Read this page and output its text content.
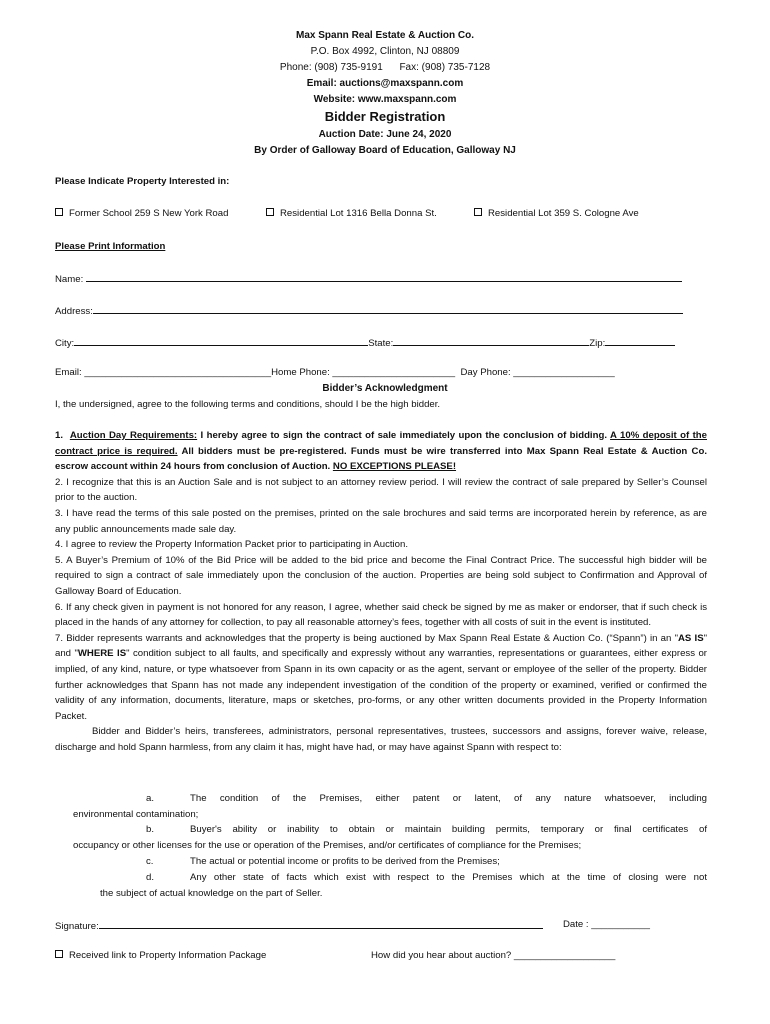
Max Spann Real Estate & Auction Co.
P.O. Box 4992, Clinton, NJ 08809
Phone: (908) 735-9191 Fax: (908) 735-7128
Email: auctions@maxspann.com
Website: www.maxspann.com
Bidder Registration
Auction Date: June 24, 2020
By Order of Galloway Board of Education, Galloway NJ
Please Indicate Property Interested in:
Former School 259 S New York Road	Residential Lot 1316 Bella Donna St.	Residential Lot 359 S. Cologne Ave
Please Print Information
Name:
Address:
City:	State:	Zip:
Email: ___________________________________Home Phone: _______________________ Day Phone: ___________________
Bidder’s Acknowledgment
I, the undersigned, agree to the following terms and conditions, should I be the high bidder.

1. Auction Day Requirements: I hereby agree to sign the contract of sale immediately upon the conclusion of bidding. A 10% deposit of the contract price is required. All bidders must be pre-registered. Funds must be wire transferred into Max Spann Real Estate & Auction Co. escrow account within 24 hours from conclusion of Auction. NO EXCEPTIONS PLEASE!

2. I recognize that this is an Auction Sale and is not subject to an attorney review period. I will review the contract of sale prepared by Seller’s Counsel prior to the auction.

3. I have read the terms of this sale posted on the premises, printed on the sale brochures and said terms are incorporated herein by reference, as are any public announcements made sale day.

4. I agree to review the Property Information Packet prior to participating in Auction.

5. A Buyer’s Premium of 10% of the Bid Price will be added to the bid price and become the Final Contract Price. The successful high bidder will be required to sign a contract of sale immediately upon the conclusion of the auction. Properties are being sold subject to Confirmation and Approval of Galloway Board of Education.

6. If any check given in payment is not honored for any reason, I agree, whether said check be signed by me as maker or endorser, that if such check is placed in the hands of any attorney for collection, to pay all reasonable attorney’s fees, together with all costs of suit in the event is instituted.

7. Bidder represents warrants and acknowledges that the property is being auctioned by Max Spann Real Estate & Auction Co. (“Spann”) in an "AS IS" and "WHERE IS" condition subject to all faults, and specifically and expressly without any warranties, representations or guarantees, either express or implied, of any kind, nature, or type whatsoever from Spann in its own capacity or as the agent, servant or employee of the seller of the property. Bidder further acknowledges that Spann has not made any independent investigation of the condition of the property or examined, verified or confirmed the validity of any information, documents, literature, maps or sketches, pro-forms, or any other written documents provided in the Property Information Packet.

Bidder and Bidder’s heirs, transferees, administrators, personal representatives, trustees, successors and assigns, forever waive, release, discharge and hold Spann harmless, from any claim it has, might have had, or may have against Spann with respect to:

a.	The condition of the Premises, either patent or latent, of any nature whatsoever, including
environmental contamination;
b.	Buyer's ability or inability to obtain or maintain building permits, temporary or final certificates of
occupancy or other licenses for the use or operation of the Premises, and/or certificates of compliance for the Premises;
c.	The actual or potential income or profits to be derived from the Premises;
d.	Any other state of facts which exist with respect to the Premises which at the time of closing were not
the subject of actual knowledge on the part of Seller.
Signature:	Date : ___________
Received link to Property Information Package	How did you hear about auction? ___________________
